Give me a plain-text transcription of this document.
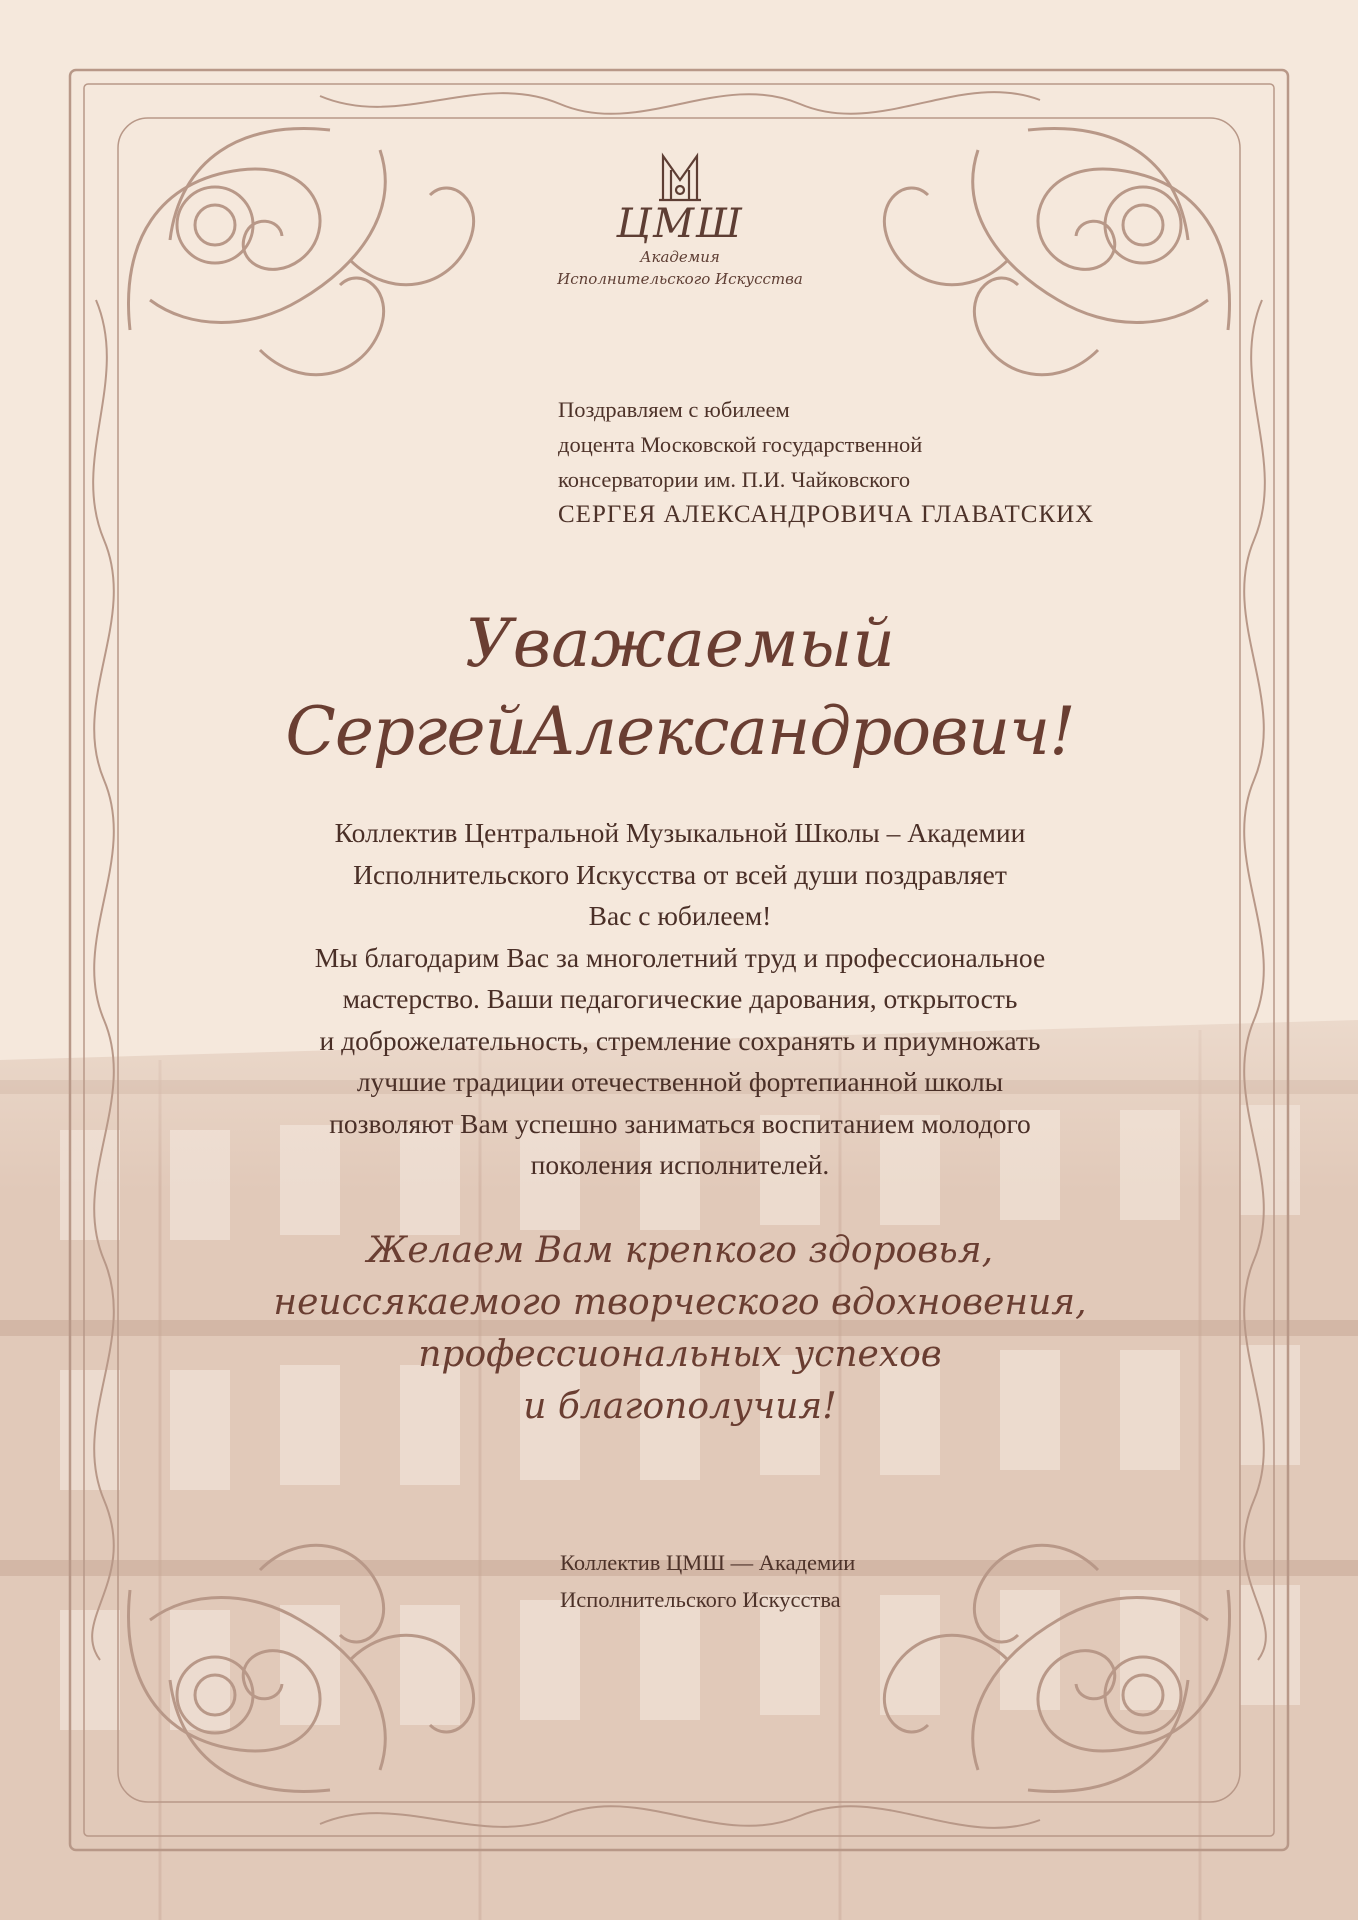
ЦМШ
Академия
Исполнительского Искусства
Поздравляем с юбилеем
доцента Московской государственной
консерватории им. П.И. Чайковского
СЕРГЕЯ АЛЕКСАНДРОВИЧА ГЛАВАТСКИХ
Уважаемый
СергейАлександрович!
Коллектив Центральной Музыкальной Школы – Академии
Исполнительского Искусства от всей души поздравляет
Вас с юбилеем!
Мы благодарим Вас за многолетний труд и профессиональное
мастерство. Ваши педагогические дарования, открытость
и доброжелательность, стремление сохранять и приумножать
лучшие традиции отечественной фортепианной школы
позволяют Вам успешно заниматься воспитанием молодого
поколения исполнителей.
Желаем Вам крепкого здоровья,
неиссякаемого творческого вдохновения,
профессиональных успехов
и благополучия!
Коллектив ЦМШ — Академии
Исполнительского Искусства
